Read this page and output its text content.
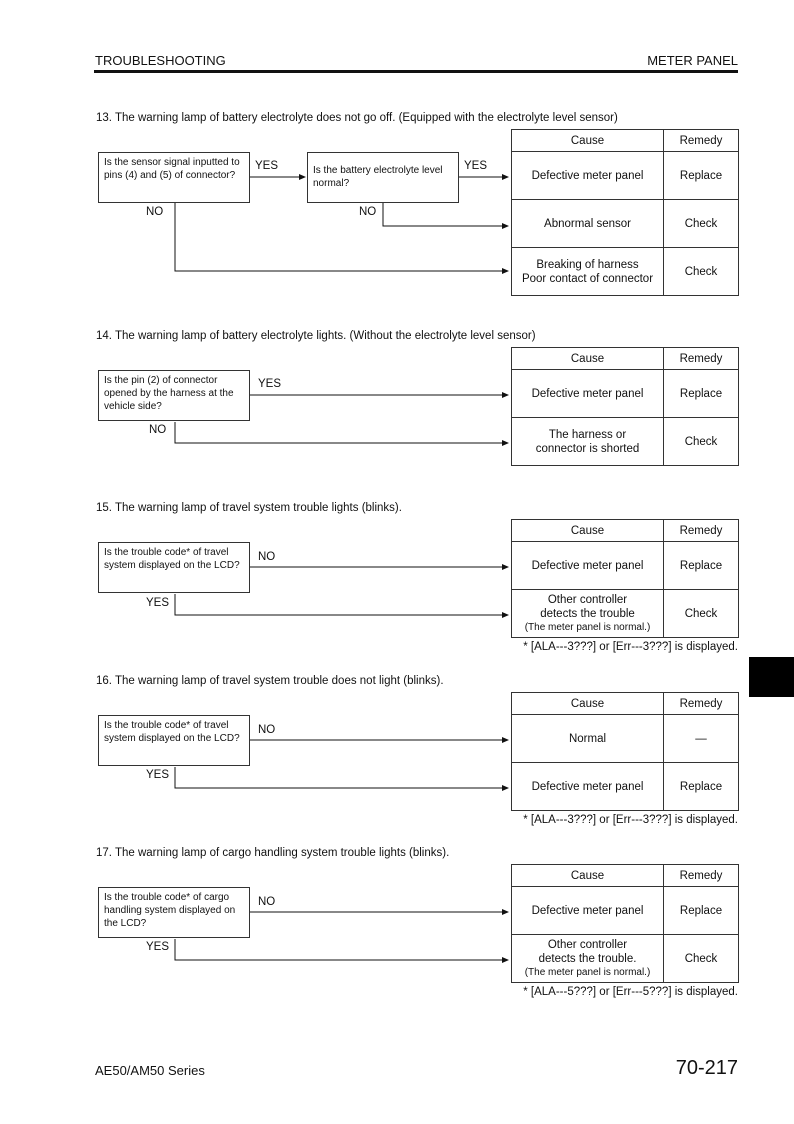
TROUBLESHOOTING	METER PANEL
13. The warning lamp of battery electrolyte does not go off. (Equipped with the electrolyte level sensor)
Is the sensor signal inputted to pins (4) and (5) of connector?	Is the battery electrolyte level normal?
YES	YES
NO	NO
Cause	Remedy
Defective meter panel	Replace
Abnormal sensor	Check

Breaking of harness
Poor contact of connector	Check
14. The warning lamp of battery electrolyte lights. (Without the electrolyte level sensor)
Is the pin (2) of connector opened by the harness at the vehicle side?
YES
NO
Cause	Remedy
Defective meter panel	Replace

The harness or
connector is shorted	Check
15. The warning lamp of travel system trouble lights (blinks).
Is the trouble code* of travel system displayed on the LCD?
NO
YES
Cause	Remedy
Defective meter panel	Replace

Other controller
detects the trouble
(The meter panel is normal.)	Check
* [ALA---3???] or [Err---3???] is displayed.
16. The warning lamp of travel system trouble does not light (blinks).
Is the trouble code* of travel system displayed on the LCD?
NO
YES
Cause	Remedy
Normal	—
Defective meter panel	Replace
* [ALA---3???] or [Err---3???] is displayed.
17. The warning lamp of cargo handling system trouble lights (blinks).
Is the trouble code* of cargo handling system displayed on the LCD?
NO
YES
Cause	Remedy
Defective meter panel	Replace

Other controller
detects the trouble.
(The meter panel is normal.)	Check
* [ALA---5???] or [Err---5???] is displayed.
AE50/AM50 Series	70-217
